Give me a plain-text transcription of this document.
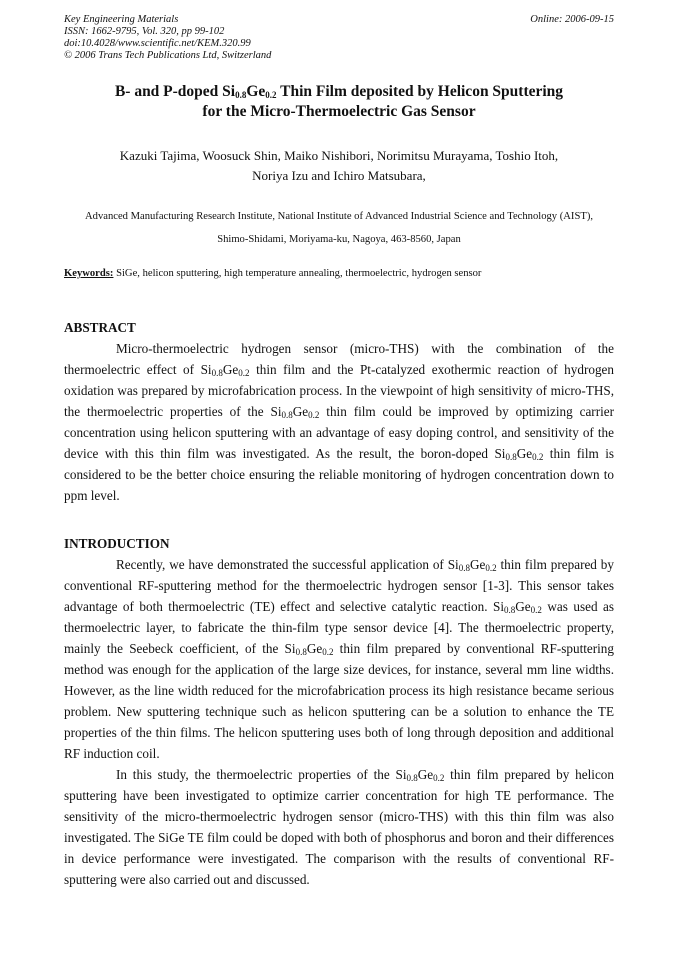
Key Engineering Materials
ISSN: 1662-9795, Vol. 320, pp 99-102
doi:10.4028/www.scientific.net/KEM.320.99
© 2006 Trans Tech Publications Ltd, Switzerland
Online: 2006-09-15
B- and P-doped $Si_{0.8}Ge_{0.2}$ Thin Film deposited by Helicon Sputtering
for the Micro-Thermoelectric Gas Sensor
Kazuki Tajima, Woosuck Shin, Maiko Nishibori, Norimitsu Murayama, Toshio Itoh,
Noriya Izu and Ichiro Matsubara,
Advanced Manufacturing Research Institute, National Institute of Advanced Industrial Science and Technology (AIST),
Shimo-Shidami, Moriyama-ku, Nagoya, 463-8560, Japan
Keywords: SiGe, helicon sputtering, high temperature annealing, thermoelectric, hydrogen sensor
ABSTRACT

Micro-thermoelectric hydrogen sensor (micro-THS) with the combination of the thermoelectric effect of $Si_{0.8}Ge_{0.2}$ thin film and the Pt-catalyzed exothermic reaction of hydrogen oxidation was prepared by microfabrication process. In the viewpoint of high sensitivity of micro-THS, the thermoelectric properties of the $Si_{0.8}Ge_{0.2}$ thin film could be improved by optimizing carrier concentration using helicon sputtering with an advantage of easy doping control, and sensitivity of the device with this thin film was investigated. As the result, the boron-doped $Si_{0.8}Ge_{0.2}$ thin film is considered to be the better choice ensuring the reliable monitoring of hydrogen concentration down to ppm level.

INTRODUCTION

Recently, we have demonstrated the successful application of $Si_{0.8}Ge_{0.2}$ thin film prepared by conventional RF-sputtering method for the thermoelectric hydrogen sensor [1-3]. This sensor takes advantage of both thermoelectric (TE) effect and selective catalytic reaction. $Si_{0.8}Ge_{0.2}$ was used as thermoelectric layer, to fabricate the thin-film type sensor device [4]. The thermoelectric property, mainly the Seebeck coefficient, of the $Si_{0.8}Ge_{0.2}$ thin film prepared by conventional RF-sputtering method was enough for the application of the large size devices, for instance, several mm line widths. However, as the line width reduced for the microfabrication process its high resistance became serious problem. New sputtering technique such as helicon sputtering can be a solution to enhance the TE properties of the thin films. The helicon sputtering uses both of long through deposition and additional RF induction coil.

In this study, the thermoelectric properties of the $Si_{0.8}Ge_{0.2}$ thin film prepared by helicon sputtering have been investigated to optimize carrier concentration for high TE performance. The sensitivity of the micro-thermoelectric hydrogen sensor (micro-THS) with this thin film was also investigated. The SiGe TE film could be doped with both of phosphorus and boron and their differences in device performance were investigated. The comparison with the results of conventional RF-sputtering were also carried out and discussed.
